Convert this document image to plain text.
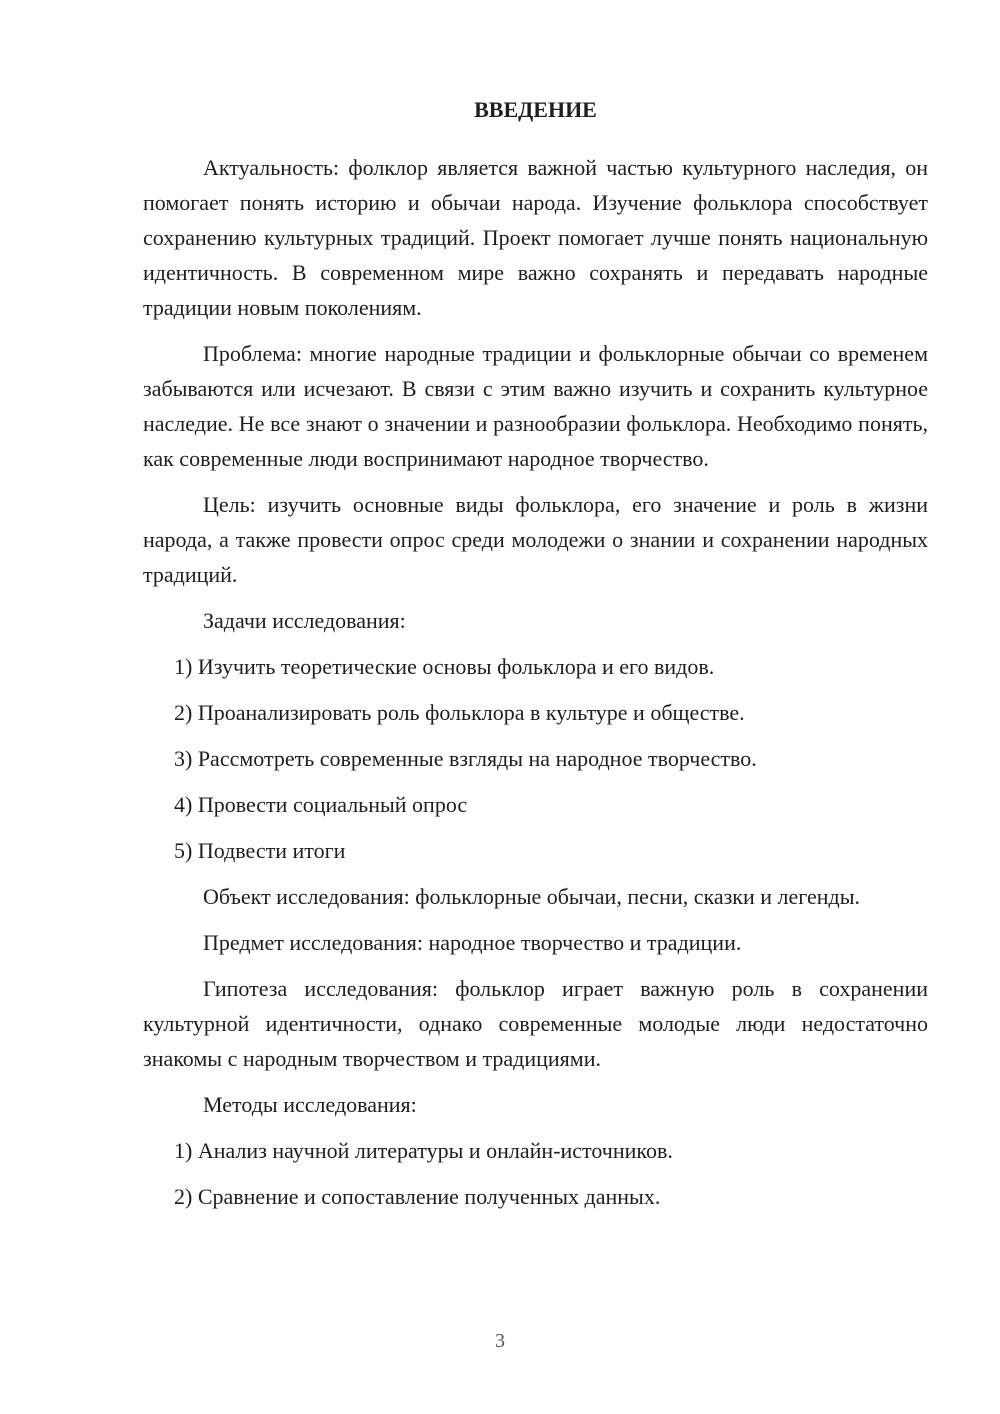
ВВЕДЕНИЕ

Актуальность: фолклор является важной частью культурного наследия, он помогает понять историю и обычаи народа. Изучение фольклора способствует сохранению культурных традиций. Проект помогает лучше понять национальную идентичность. В современном мире важно сохранять и передавать народные традиции новым поколениям.

Проблема: многие народные традиции и фольклорные обычаи со временем забываются или исчезают. В связи с этим важно изучить и сохранить культурное наследие. Не все знают о значении и разнообразии фольклора. Необходимо понять, как современные люди воспринимают народное творчество.

Цель: изучить основные виды фольклора, его значение и роль в жизни народа, а также провести опрос среди молодежи о знании и сохранении народных традиций.

Задачи исследования:
1) Изучить теоретические основы фольклора и его видов.
2) Проанализировать роль фольклора в культуре и обществе.
3) Рассмотреть современные взгляды на народное творчество.
4) Провести социальный опрос
5) Подвести итоги

Объект исследования: фольклорные обычаи, песни, сказки и легенды.

Предмет исследования: народное творчество и традиции.

Гипотеза исследования: фольклор играет важную роль в сохранении культурной идентичности, однако современные молодые люди недостаточно знакомы с народным творчеством и традициями.

Методы исследования:
1) Анализ научной литературы и онлайн-источников.
2) Сравнение и сопоставление полученных данных.
3
